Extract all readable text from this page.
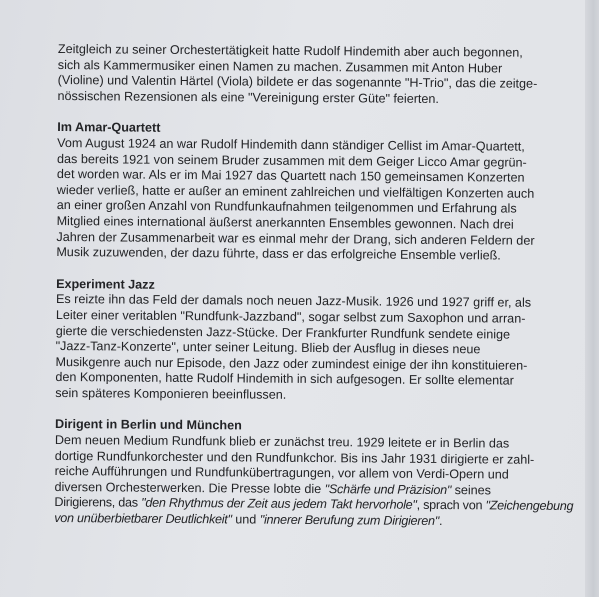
Zeitgleich zu seiner Orchestertätigkeit hatte Rudolf Hindemith aber auch begonnen,
sich als Kammermusiker einen Namen zu machen. Zusammen mit Anton Huber
(Violine) und Valentin Härtel (Viola) bildete er das sogenannte "H-Trio", das die zeitge-
nössischen Rezensionen als eine "Vereinigung erster Güte" feierten.
Im Amar-Quartett
Vom August 1924 an war Rudolf Hindemith dann ständiger Cellist im Amar-Quartett,
das bereits 1921 von seinem Bruder zusammen mit dem Geiger Licco Amar gegrün-
det worden war. Als er im Mai 1927 das Quartett nach 150 gemeinsamen Konzerten
wieder verließ, hatte er außer an eminent zahlreichen und vielfältigen Konzerten auch
an einer großen Anzahl von Rundfunkaufnahmen teilgenommen und Erfahrung als
Mitglied eines international äußerst anerkannten Ensembles gewonnen. Nach drei
Jahren der Zusammenarbeit war es einmal mehr der Drang, sich anderen Feldern der
Musik zuzuwenden, der dazu führte, dass er das erfolgreiche Ensemble verließ.
Experiment Jazz
Es reizte ihn das Feld der damals noch neuen Jazz-Musik. 1926 und 1927 griff er, als
Leiter einer veritablen "Rundfunk-Jazzband", sogar selbst zum Saxophon und arran-
gierte die verschiedensten Jazz-Stücke. Der Frankfurter Rundfunk sendete einige
"Jazz-Tanz-Konzerte", unter seiner Leitung. Blieb der Ausflug in dieses neue
Musikgenre auch nur Episode, den Jazz oder zumindest einige der ihn konstituieren-
den Komponenten, hatte Rudolf Hindemith in sich aufgesogen. Er sollte elementar
sein späteres Komponieren beeinflussen.
Dirigent in Berlin und München
Dem neuen Medium Rundfunk blieb er zunächst treu. 1929 leitete er in Berlin das
dortige Rundfunkorchester und den Rundfunkchor. Bis ins Jahr 1931 dirigierte er zahl-
reiche Aufführungen und Rundfunkübertragungen, vor allem von Verdi-Opern und
diversen Orchesterwerken. Die Presse lobte die "Schärfe und Präzision" seines
Dirigierens, das "den Rhythmus der Zeit aus jedem Takt hervorhole", sprach von "Zeichengebung
von unüberbietbarer Deutlichkeit" und "innerer Berufung zum Dirigieren".
